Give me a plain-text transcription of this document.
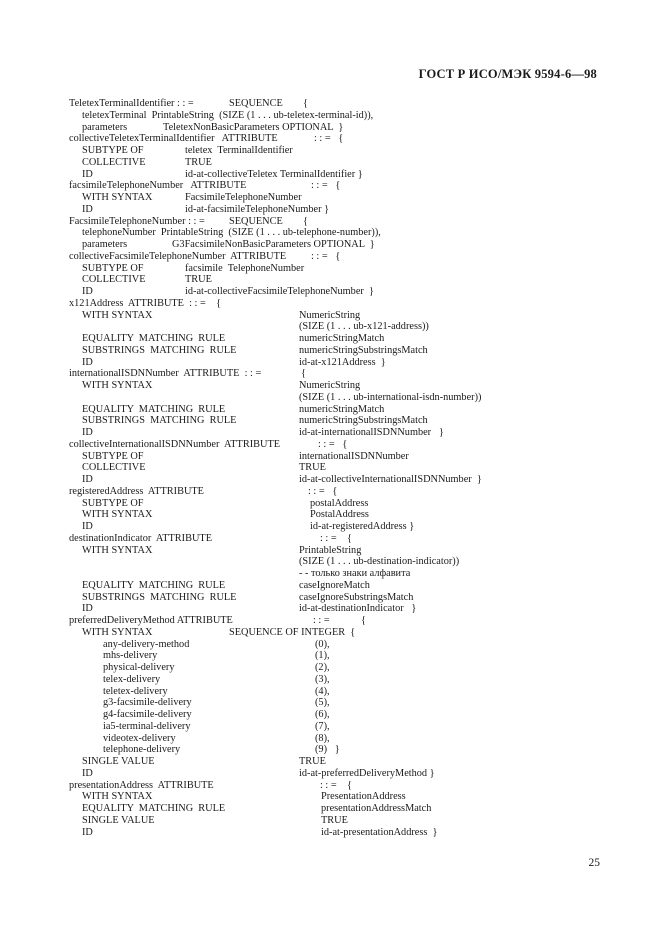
ГОСТ Р ИСО/МЭК 9594-6—98
TeletexTerminalIdentifier : : =	SEQUENCE {
teletexTerminal  PrintableString  (SIZE (1 . . . ub-teletex-terminal-id)),
parameters	TeletexNonBasicParameters OPTIONAL  }
collectiveTeletexTerminalIdentifier   ATTRIBUTE	: : =   {
SUBTYPE OF	teletex  TerminalIdentifier
COLLECTIVE	TRUE
ID	id-at-collectiveTeletex TerminalIdentifier }
facsimileTelephoneNumber   ATTRIBUTE	: : =   {
WITH SYNTAX	FacsimileTelephoneNumber
ID	id-at-facsimileTelephoneNumber }
FacsimileTelephoneNumber : : = SEQUENCE {
telephoneNumber  PrintableString  (SIZE (1 . . . ub-telephone-number)),
parameters	G3FacsimileNonBasicParameters OPTIONAL  }
collectiveFacsimileTelephoneNumber  ATTRIBUTE : : =   {
SUBTYPE OF	facsimile  TelephoneNumber
COLLECTIVE	TRUE
ID	id-at-collectiveFacsimileTelephoneNumber  }
x121Address  ATTRIBUTE  : : =    {
WITH SYNTAX	NumericString
(SIZE (1 . . . ub-x121-address))
EQUALITY  MATCHING  RULE	numericStringMatch
SUBSTRINGS  MATCHING  RULE	numericStringSubstringsMatch
ID	id-at-x121Address  }
internationalISDNNumber  ATTRIBUTE  : : =	{
WITH SYNTAX	NumericString
(SIZE (1 . . . ub-international-isdn-number))
EQUALITY  MATCHING  RULE	numericStringMatch
SUBSTRINGS  MATCHING  RULE	numericStringSubstringsMatch
ID	id-at-internationalISDNNumber   }
collectiveInternationalISDNNumber  ATTRIBUTE	: : =   {
SUBTYPE OF	internationalISDNNumber
COLLECTIVE	TRUE
ID	id-at-collectiveInternationalISDNNumber  }
registeredAddress  ATTRIBUTE	: : =   {
SUBTYPE OF	postalAddress
WITH SYNTAX	PostalAddress
ID	id-at-registeredAddress }
destinationIndicator  ATTRIBUTE	: : =    {
WITH SYNTAX	PrintableString
(SIZE (1 . . . ub-destination-indicator))
- - только знаки алфавита
EQUALITY  MATCHING  RULE	caseIgnoreMatch
SUBSTRINGS  MATCHING  RULE	caseIgnoreSubstringsMatch
ID	id-at-destinationIndicator   }
preferredDeliveryMethod ATTRIBUTE	: : =	{
WITH SYNTAX	SEQUENCE OF INTEGER  {
any-delivery-method	(0),
mhs-delivery	(1),
physical-delivery	(2),
telex-delivery	(3),
teletex-delivery	(4),
g3-facsimile-delivery	(5),
g4-facsimile-delivery	(6),
ia5-terminal-delivery	(7),
videotex-delivery	(8),
telephone-delivery	(9)   }
SINGLE VALUE	TRUE
ID	id-at-preferredDeliveryMethod }
presentationAddress  ATTRIBUTE	: : =    {
WITH SYNTAX	PresentationAddress
EQUALITY  MATCHING  RULE	presentationAddressMatch
SINGLE VALUE	TRUE
ID	id-at-presentationAddress  }
25
